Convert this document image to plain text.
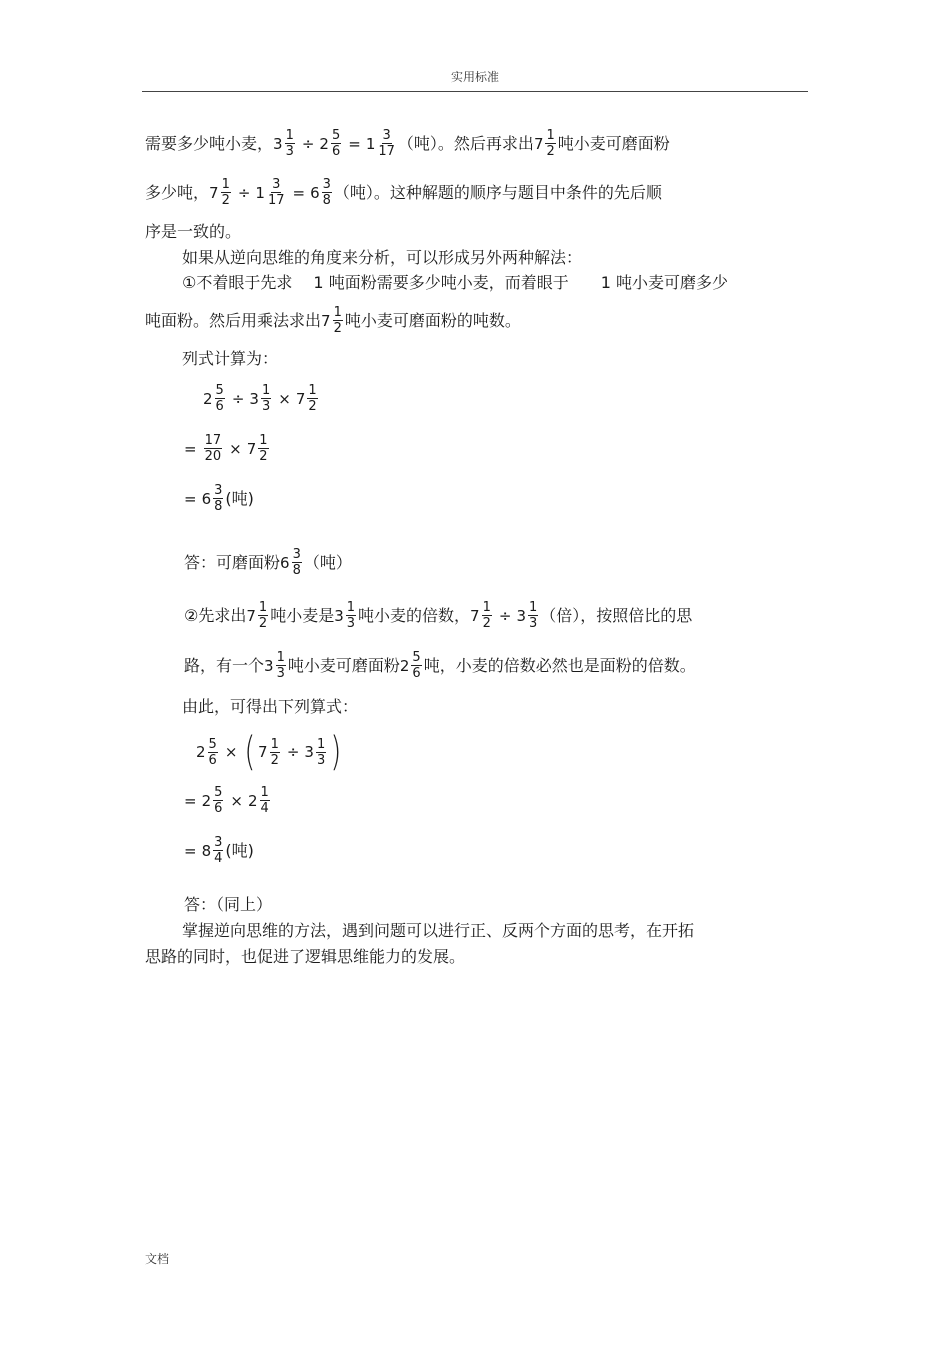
实用标准
需要多少吨小麦， $3 \frac{1}{3} \div 2 \frac{5}{6} = 1 \frac{3}{17}$ （吨）。然后再求出 $7 \frac{1}{2}$ 吨小麦可磨面粉
多少吨， $7 \frac{1}{2} \div 1 \frac{3}{17} = 6 \frac{3}{8}$ （吨）。这种解题的顺序与题目中条件的先后顺
序是一致的。
如果从逆向思维的角度来分析，可以形成另外两种解法：
①不着眼于先求　 1 吨面粉需要多少吨小麦，而着眼于　　1 吨小麦可磨多少
吨面粉。然后用乘法求出 $7 \frac{1}{2}$ 吨小麦可磨面粉的吨数。
列式计算为：
$2 \frac{5}{6} \div 3 \frac{1}{3} \times 7 \frac{1}{2}$
= $\frac{17}{20} \times 7 \frac{1}{2}$
= $6 \frac{3}{8}$ (吨)
答：可磨面粉 $6 \frac{3}{8}$ （吨）
②先求出 $7 \frac{1}{2}$ 吨小麦是 $3 \frac{1}{3}$ 吨小麦的倍数， $7 \frac{1}{2} \div 3 \frac{1}{3}$ （倍），按照倍比的思
路，有一个 $3 \frac{1}{3}$ 吨小麦可磨面粉 $2 \frac{5}{6}$ 吨，小麦的倍数必然也是面粉的倍数。
由此，可得出下列算式：
$2 \frac{5}{6}$ × ( $7 \frac{1}{2} \div 3 \frac{1}{3}$ )
= $2 \frac{5}{6} \times 2 \frac{1}{4}$
= $8 \frac{3}{4}$ (吨)
答：（同上）
掌握逆向思维的方法，遇到问题可以进行正、反两个方面的思考，在开拓
思路的同时，也促进了逻辑思维能力的发展。
文档
